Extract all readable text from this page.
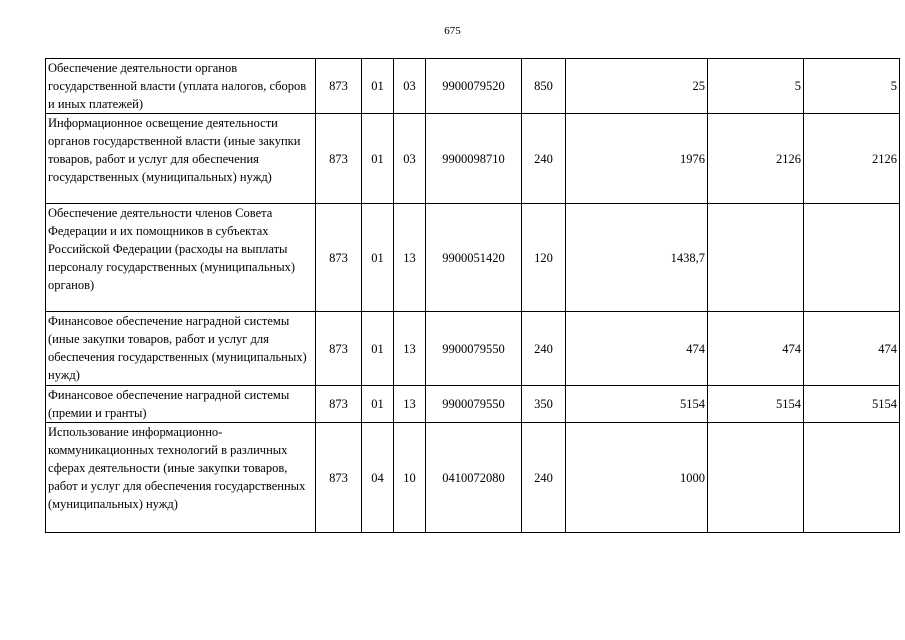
675
Обеспечение деятельности органов государственной власти (уплата налогов, сборов и иных платежей)	873	01	03	9900079520	850	25	5	5
Информационное освещение деятельности органов государственной власти (иные закупки товаров, работ и услуг для обеспечения государственных (муниципальных) нужд)	873	01	03	9900098710	240	1976	2126	2126
Обеспечение деятельности членов Совета Федерации и их помощников в субъектах Российской Федерации (расходы на выплаты персоналу государственных (муниципальных) органов)	873	01	13	9900051420	120	1438,7		
Финансовое обеспечение наградной системы (иные закупки товаров, работ и услуг для обеспечения государственных (муниципальных) нужд)	873	01	13	9900079550	240	474	474	474
Финансовое обеспечение наградной системы (премии и гранты)	873	01	13	9900079550	350	5154	5154	5154
Использование информационно-коммуникационных технологий в различных сферах деятельности (иные закупки товаров, работ и услуг для обеспечения государственных (муниципальных) нужд)	873	04	10	0410072080	240	1000		
